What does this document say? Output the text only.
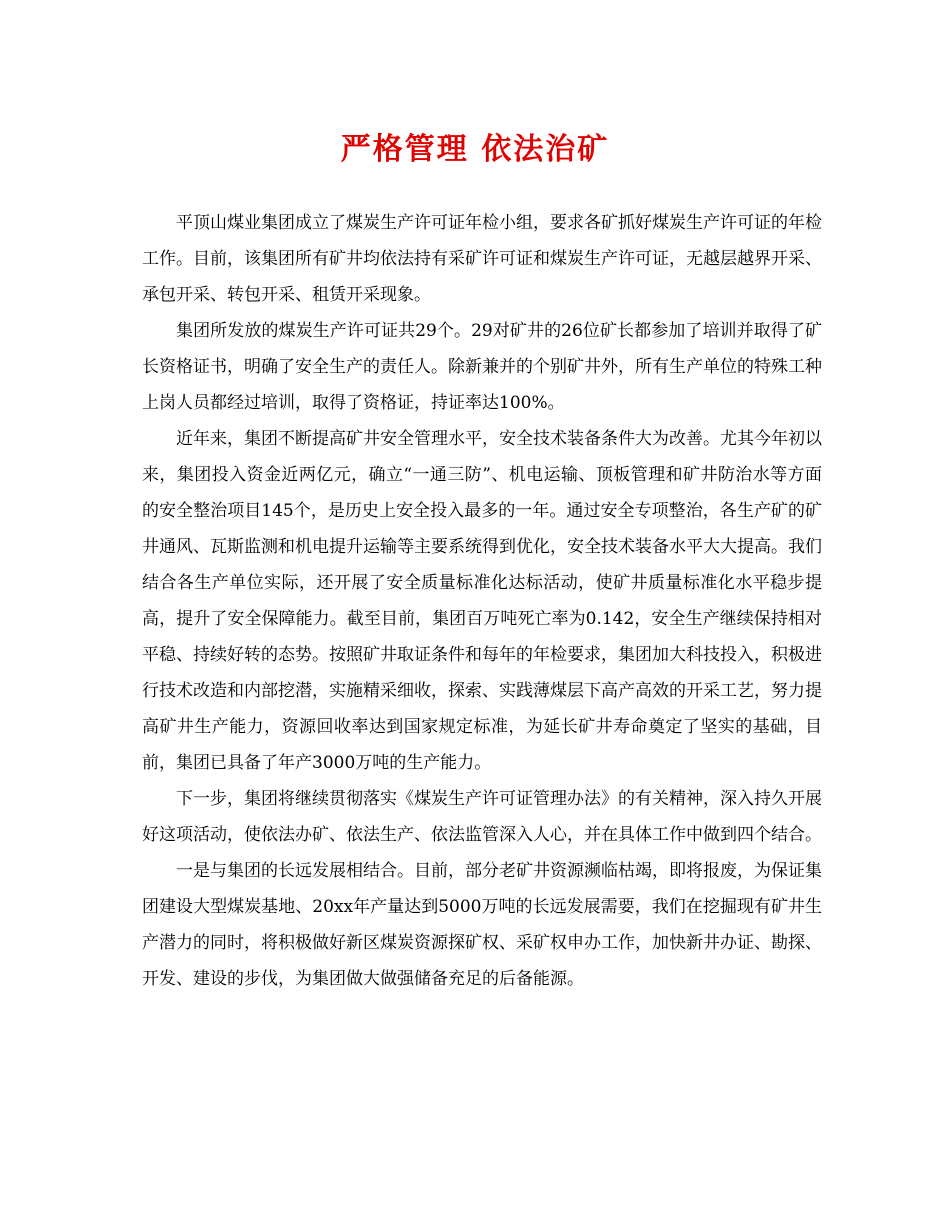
严格管理 依法治矿

平顶山煤业集团成立了煤炭生产许可证年检小组，要求各矿抓好煤炭生产许可证的年检工作。目前，该集团所有矿井均依法持有采矿许可证和煤炭生产许可证，无越层越界开采、承包开采、转包开采、租赁开采现象。

集团所发放的煤炭生产许可证共29个。29对矿井的26位矿长都参加了培训并取得了矿长资格证书，明确了安全生产的责任人。除新兼并的个别矿井外，所有生产单位的特殊工种上岗人员都经过培训，取得了资格证，持证率达100%。

近年来，集团不断提高矿井安全管理水平，安全技术装备条件大为改善。尤其今年初以来，集团投入资金近两亿元，确立“一通三防”、机电运输、顶板管理和矿井防治水等方面的安全整治项目145个，是历史上安全投入最多的一年。通过安全专项整治，各生产矿的矿井通风、瓦斯监测和机电提升运输等主要系统得到优化，安全技术装备水平大大提高。我们结合各生产单位实际，还开展了安全质量标准化达标活动，使矿井质量标准化水平稳步提高，提升了安全保障能力。截至目前，集团百万吨死亡率为0.142，安全生产继续保持相对平稳、持续好转的态势。按照矿井取证条件和每年的年检要求，集团加大科技投入，积极进行技术改造和内部挖潜，实施精采细收，探索、实践薄煤层下高产高效的开采工艺，努力提高矿井生产能力，资源回收率达到国家规定标准，为延长矿井寿命奠定了坚实的基础，目前，集团已具备了年产3000万吨的生产能力。

下一步，集团将继续贯彻落实《煤炭生产许可证管理办法》的有关精神，深入持久开展好这项活动，使依法办矿、依法生产、依法监管深入人心，并在具体工作中做到四个结合。

一是与集团的长远发展相结合。目前，部分老矿井资源濒临枯竭，即将报废，为保证集团建设大型煤炭基地、20xx年产量达到5000万吨的长远发展需要，我们在挖掘现有矿井生产潜力的同时，将积极做好新区煤炭资源探矿权、采矿权申办工作，加快新井办证、勘探、开发、建设的步伐，为集团做大做强储备充足的后备能源。
